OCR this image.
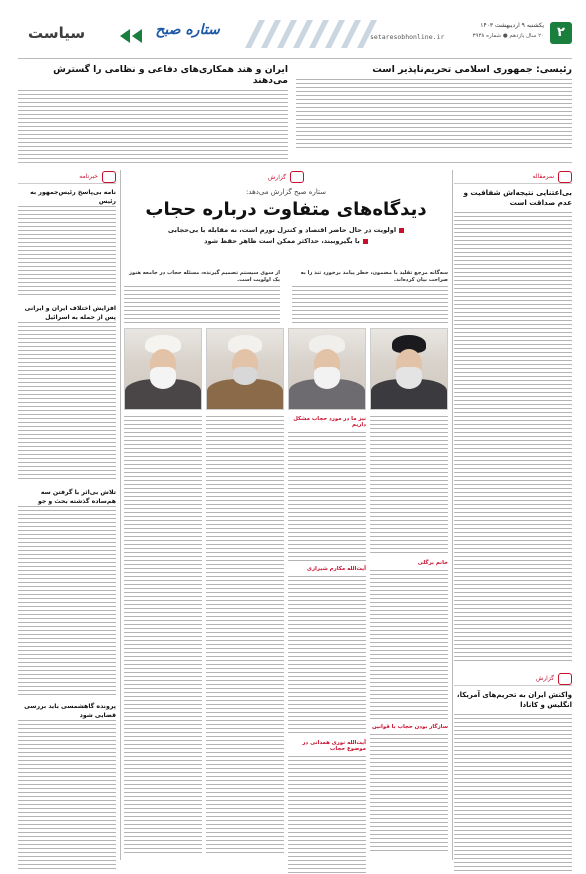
۲
یکشنبه ۹ اردیبهشت ۱۴۰۳
۲۰ سال یازدهم ● شماره ۳۹۳۸
setaresobhonline.ir
ستاره صبح
سیاست
رئیسی: جمهوری اسلامی تحریم‌ناپذیر است
ایران و هند همکاری‌های دفاعی و نظامی را گسترش می‌دهند
سرمقاله
بی‌اعتنایی نتیجه‌اش شفافیت و عدم صداقت است
گزارش
واکنش ایران به تحریم‌های آمریکا، انگلیس و کانادا
خبرنامه
نامه بی‌پاسخ رئیس‌جمهور به رئیس
افزایش اختلاف ایران و ایرانی پس از حمله به اسرائیل
تلاش بی‌اثر با گرفتن سه هم‌ساده گذشته‌ بحث و جو
پرونده گاهشمسی باید بررسی قضایی شود
گزارش
ستاره صبح گزارش می‌دهد:
دیدگاه‌های متفاوت درباره حجاب
اولویت در حال حاضر اقتصاد و کنترل تورم است، نه مقابله با بی‌حجابی
با بگیروببند، حداکثر ممکن است ظاهر حفظ شود
سه‌گانه مرجع تقلید با مضمون، خطر پیامد برخورد تند را به صراحت بیان کرده‌اند.
از سوی سیستم تصمیم گیرنده، مسئله حجاب در جامعه هنوز یک اولویت است.
خانم برگلی
سازگار بودن حجاب با قوانین
نیز ما در مورد حجاب مشکل داریم
آیت‌الله مکارم شیرازی
آیت‌الله نوری همدانی در موضوع حجاب
